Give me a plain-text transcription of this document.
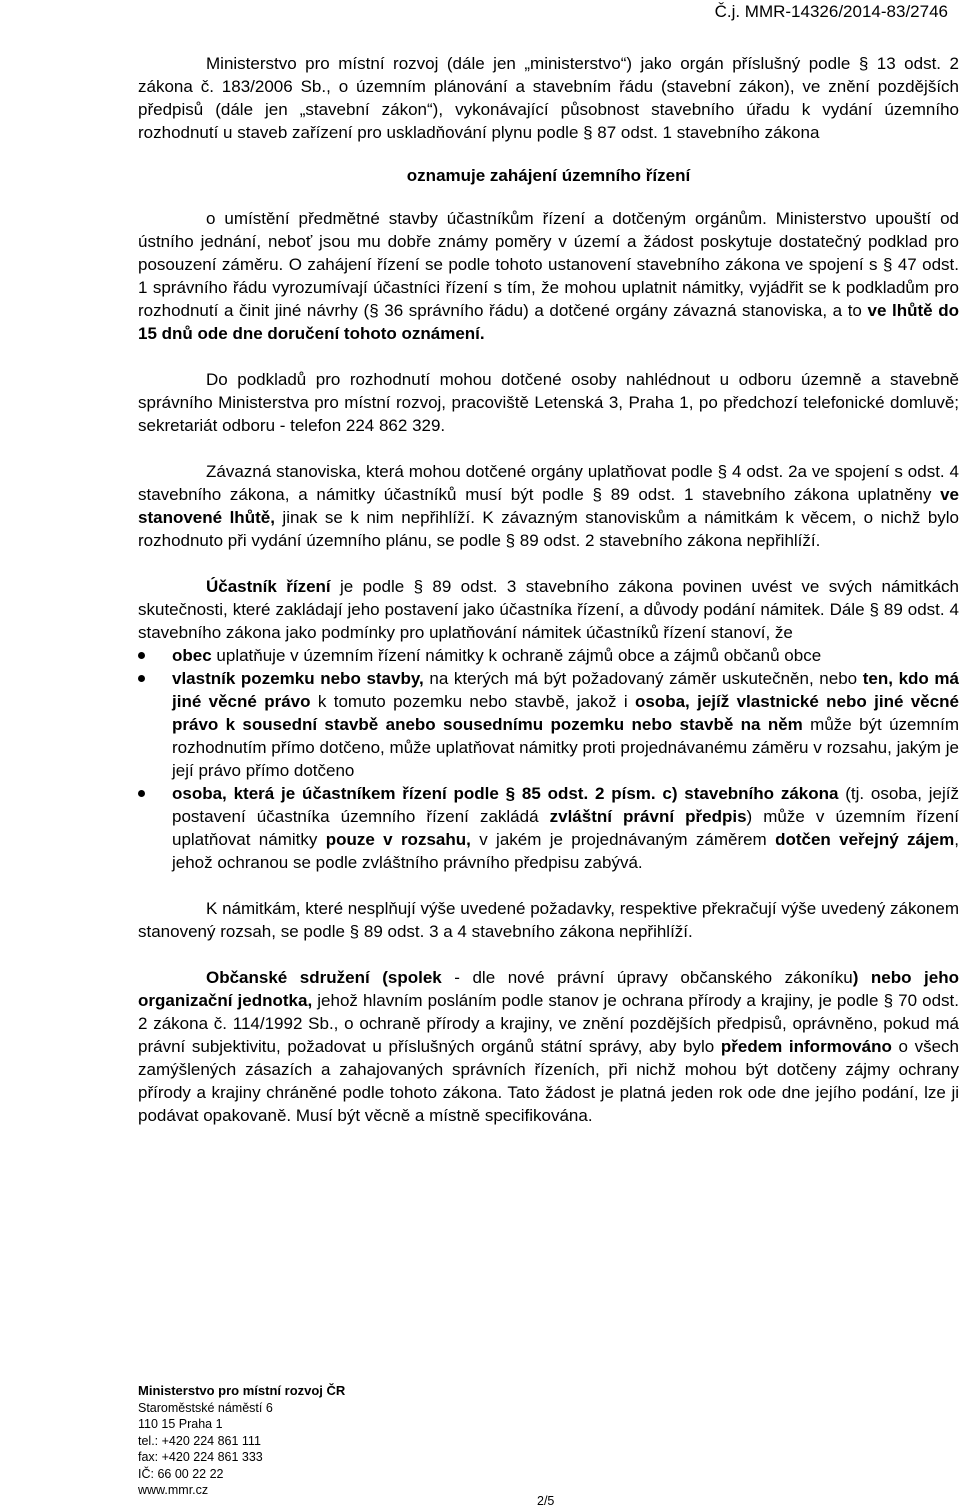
Č.j. MMR-14326/2014-83/2746

Ministerstvo pro místní rozvoj (dále jen „ministerstvo“) jako orgán příslušný podle § 13 odst. 2 zákona č. 183/2006 Sb., o územním plánování a stavebním řádu (stavební zákon), ve znění pozdějších předpisů (dále jen „stavební zákon“), vykonávající působnost stavebního úřadu k vydání územního rozhodnutí u staveb zařízení pro uskladňování plynu podle § 87 odst. 1 stavebního zákona

oznamuje zahájení územního řízení

o umístění předmětné stavby účastníkům řízení a dotčeným orgánům. Ministerstvo upouští od ústního jednání, neboť jsou mu dobře známy poměry v území a žádost poskytuje dostatečný podklad pro posouzení záměru. O zahájení řízení se podle tohoto ustanovení stavebního zákona ve spojení s § 47 odst. 1 správního řádu vyrozumívají účastníci řízení s tím, že mohou uplatnit námitky, vyjádřit se k podkladům pro rozhodnutí a činit jiné návrhy (§ 36 správního řádu) a dotčené orgány závazná stanoviska, a to ve lhůtě do 15 dnů ode dne doručení tohoto oznámení.

Do podkladů pro rozhodnutí mohou dotčené osoby nahlédnout u odboru územně a stavebně správního Ministerstva pro místní rozvoj, pracoviště Letenská 3, Praha 1, po předchozí telefonické domluvě; sekretariát odboru - telefon 224 862 329.

Závazná stanoviska, která mohou dotčené orgány uplatňovat podle § 4 odst. 2a ve spojení s odst. 4 stavebního zákona, a námitky účastníků musí být podle § 89 odst. 1 stavebního zákona uplatněny ve stanovené lhůtě, jinak se k nim nepřihlíží. K závazným stanoviskům a námitkám k věcem, o nichž bylo rozhodnuto při vydání územního plánu, se podle § 89 odst. 2 stavebního zákona nepřihlíží.

Účastník řízení je podle § 89 odst. 3 stavebního zákona povinen uvést ve svých námitkách skutečnosti, které zakládají jeho postavení jako účastníka řízení, a důvody podání námitek. Dále § 89 odst. 4 stavebního zákona jako podmínky pro uplatňování námitek účastníků řízení stanoví, že

obec uplatňuje v územním řízení námitky k ochraně zájmů obce a zájmů občanů obce
vlastník pozemku nebo stavby, na kterých má být požadovaný záměr uskutečněn, nebo ten, kdo má jiné věcné právo k tomuto pozemku nebo stavbě, jakož i osoba, jejíž vlastnické nebo jiné věcné právo k sousední stavbě anebo sousednímu pozemku nebo stavbě na něm může být územním rozhodnutím přímo dotčeno, může uplatňovat námitky proti projednávanému záměru v rozsahu, jakým je její právo přímo dotčeno
osoba, která je účastníkem řízení podle § 85 odst. 2 písm. c) stavebního zákona (tj. osoba, jejíž postavení účastníka územního řízení zakládá zvláštní právní předpis) může v územním řízení uplatňovat námitky pouze v rozsahu, v jakém je projednávaným záměrem dotčen veřejný zájem, jehož ochranou se podle zvláštního právního předpisu zabývá.

K námitkám, které nesplňují výše uvedené požadavky, respektive překračují výše uvedený zákonem stanovený rozsah, se podle § 89 odst. 3 a 4 stavebního zákona nepřihlíží.

Občanské sdružení (spolek - dle nové právní úpravy občanského zákoníku) nebo jeho organizační jednotka, jehož hlavním posláním podle stanov je ochrana přírody a krajiny, je podle § 70 odst. 2 zákona č. 114/1992 Sb., o ochraně přírody a krajiny, ve znění pozdějších předpisů, oprávněno, pokud má právní subjektivitu, požadovat u příslušných orgánů státní správy, aby bylo předem informováno o všech zamýšlených zásazích a zahajovaných správních řízeních, při nichž mohou být dotčeny zájmy ochrany přírody a krajiny chráněné podle tohoto zákona. Tato žádost je platná jeden rok ode dne jejího podání, lze ji podávat opakovaně. Musí být věcně a místně specifikována.

Ministerstvo pro místní rozvoj ČR
Staroměstské náměstí 6
110 15 Praha 1
tel.: +420 224 861 111
fax: +420 224 861 333
IČ: 66 00 22 22
www.mmr.cz
2/5
